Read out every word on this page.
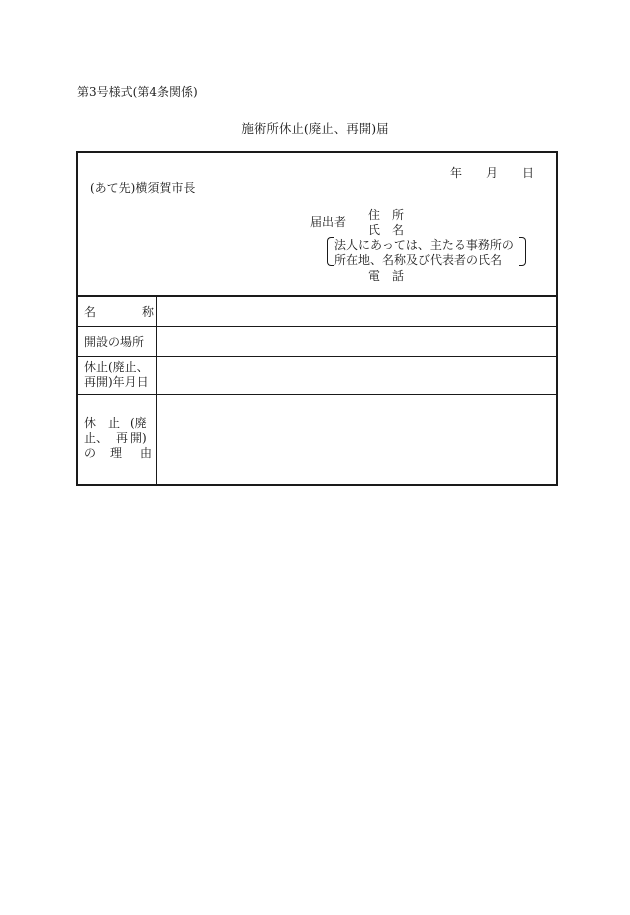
第3号様式(第4条関係)
施術所休止(廃止、再開)届
年 月 日
(あて先)横須賀市長
届出者 住　所
氏　名
法人にあっては、主たる事務所の
所在地、名称及び代表者の氏名
電　話
名	称
開設の場所
休止(廃止、
再開)年月日
休 止 (廃
止、 再 開)
の 理 由
